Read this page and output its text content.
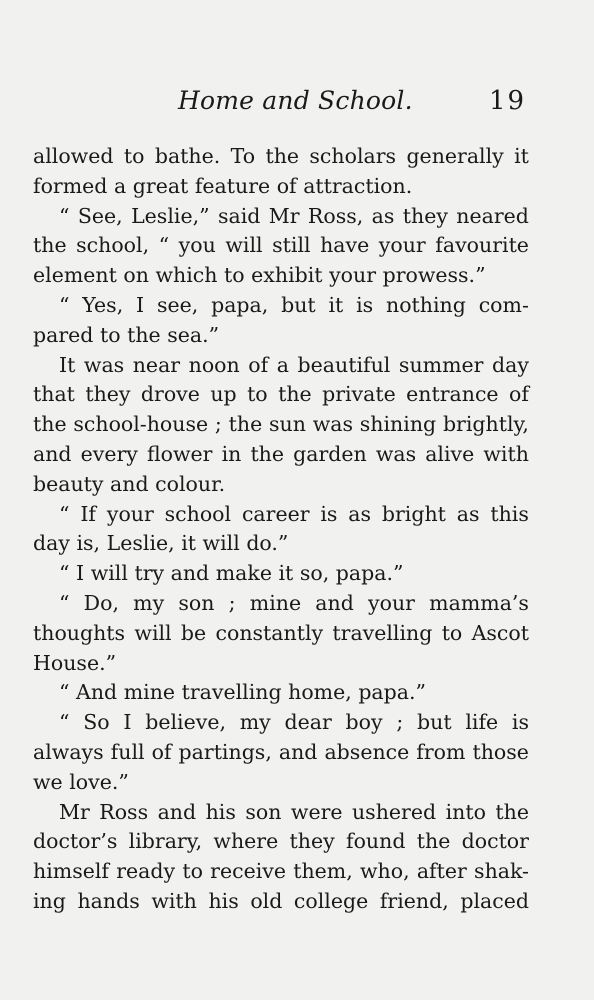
Home and School.	19
allowed to bathe. To the scholars generally it
formed a great feature of attraction.
“ See, Leslie,” said Mr Ross, as they neared
the school, “ you will still have your favourite
element on which to exhibit your prowess.”
“ Yes, I see, papa, but it is nothing com-
pared to the sea.”
It was near noon of a beautiful summer day
that they drove up to the private entrance of
the school-house ; the sun was shining brightly,
and every flower in the garden was alive with
beauty and colour.
“ If your school career is as bright as this
day is, Leslie, it will do.”
“ I will try and make it so, papa.”
“ Do, my son ; mine and your mamma’s
thoughts will be constantly travelling to Ascot
House.”
“ And mine travelling home, papa.”
“ So I believe, my dear boy ; but life is
always full of partings, and absence from those
we love.”
Mr Ross and his son were ushered into the
doctor’s library, where they found the doctor
himself ready to receive them, who, after shak-
ing hands with his old college friend, placed
